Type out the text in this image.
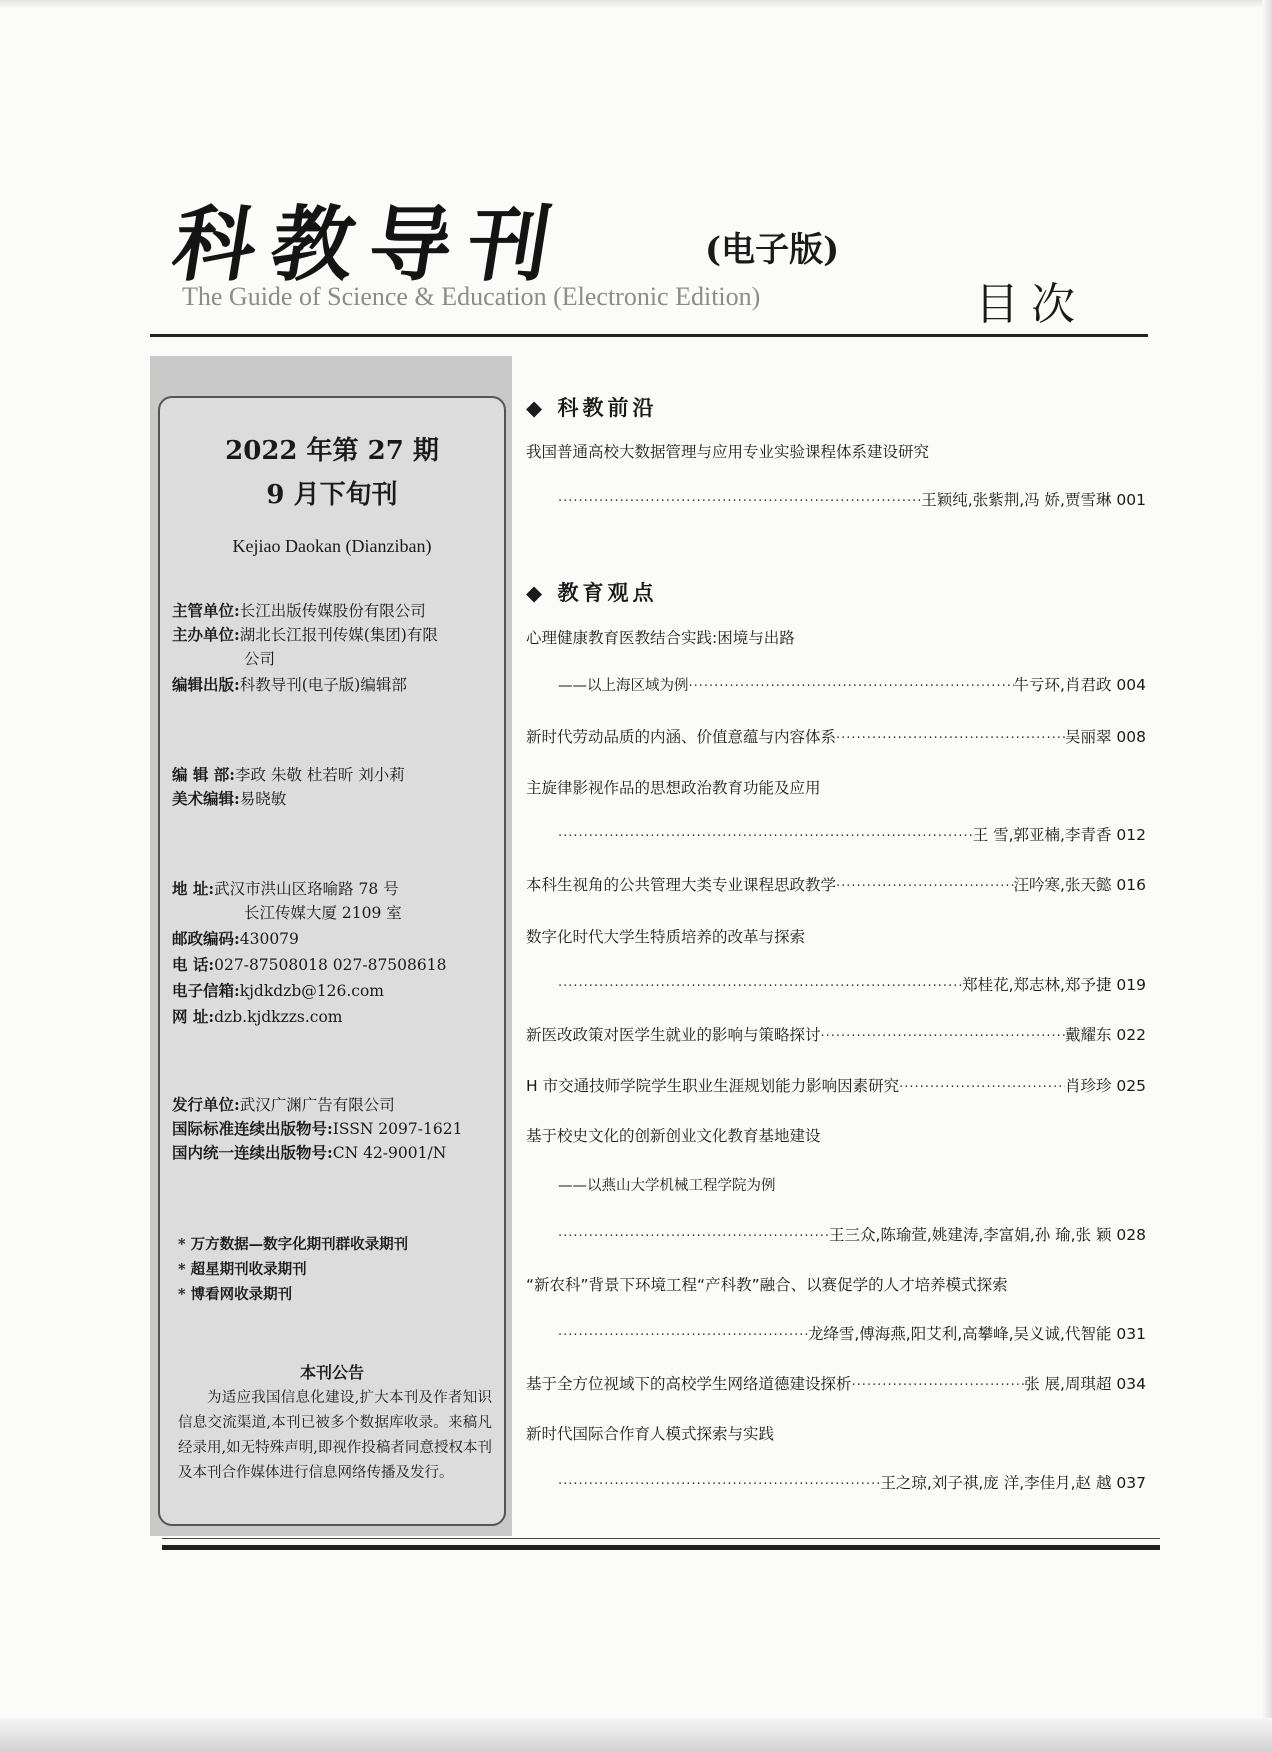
科教导刊	(电子版)
The Guide of Science & Education (Electronic Edition)	目次
2022 年第 27 期
9 月下旬刊
Kejiao Daokan (Dianziban)
主管单位:长江出版传媒股份有限公司
主办单位:湖北长江报刊传媒(集团)有限
公司
编辑出版:科教导刊(电子版)编辑部
编 辑 部:李政 朱敬 杜若昕 刘小莉
美术编辑:易晓敏
地 址:武汉市洪山区珞喻路 78 号
长江传媒大厦 2109 室
邮政编码:430079
电 话:027-87508018 027-87508618
电子信箱:kjdkdzb@126.com
网 址:dzb.kjdkzzs.com
发行单位:武汉广渊广告有限公司
国际标准连续出版物号:ISSN 2097-1621
国内统一连续出版物号:CN 42-9001/N
* 万方数据—数字化期刊群收录期刊
* 超星期刊收录期刊
* 博看网收录期刊
本刊公告
为适应我国信息化建设,扩大本刊及作者知识信息交流渠道,本刊已被多个数据库收录。来稿凡经录用,如无特殊声明,即视作投稿者同意授权本刊及本刊合作媒体进行信息网络传播及发行。
◆ 科教前沿
我国普通高校大数据管理与应用专业实验课程体系建设研究
·····
王颖纯,张紫荆,冯 娇,贾雪琳 001
◆ 教育观点
心理健康教育医教结合实践:困境与出路
——以上海区域为例 ·····	牛亏环,肖君政 004
新时代劳动品质的内涵、价值意蕴与内容体系 ·····	吴丽翠 008
主旋律影视作品的思想政治教育功能及应用
·····
王 雪,郭亚楠,李青香 012
本科生视角的公共管理大类专业课程思政教学 ·····	汪吟寒,张天懿 016
数字化时代大学生特质培养的改革与探索
·····
郑桂花,郑志林,郑予捷 019
新医改政策对医学生就业的影响与策略探讨 ·····	戴耀东 022
H 市交通技师学院学生职业生涯规划能力影响因素研究 ·····	肖珍珍 025
基于校史文化的创新创业文化教育基地建设
——以燕山大学机械工程学院为例
·····
王三众,陈瑜萱,姚建涛,李富娟,孙 瑜,张 颖 028
“新农科”背景下环境工程“产科教”融合、以赛促学的人才培养模式探索
·····
龙绛雪,傅海燕,阳艾利,高攀峰,吴义诚,代智能 031
基于全方位视域下的高校学生网络道德建设探析 ·····	张 展,周琪超 034
新时代国际合作育人模式探索与实践
·····
王之琼,刘子祺,庞 洋,李佳月,赵 越 037
